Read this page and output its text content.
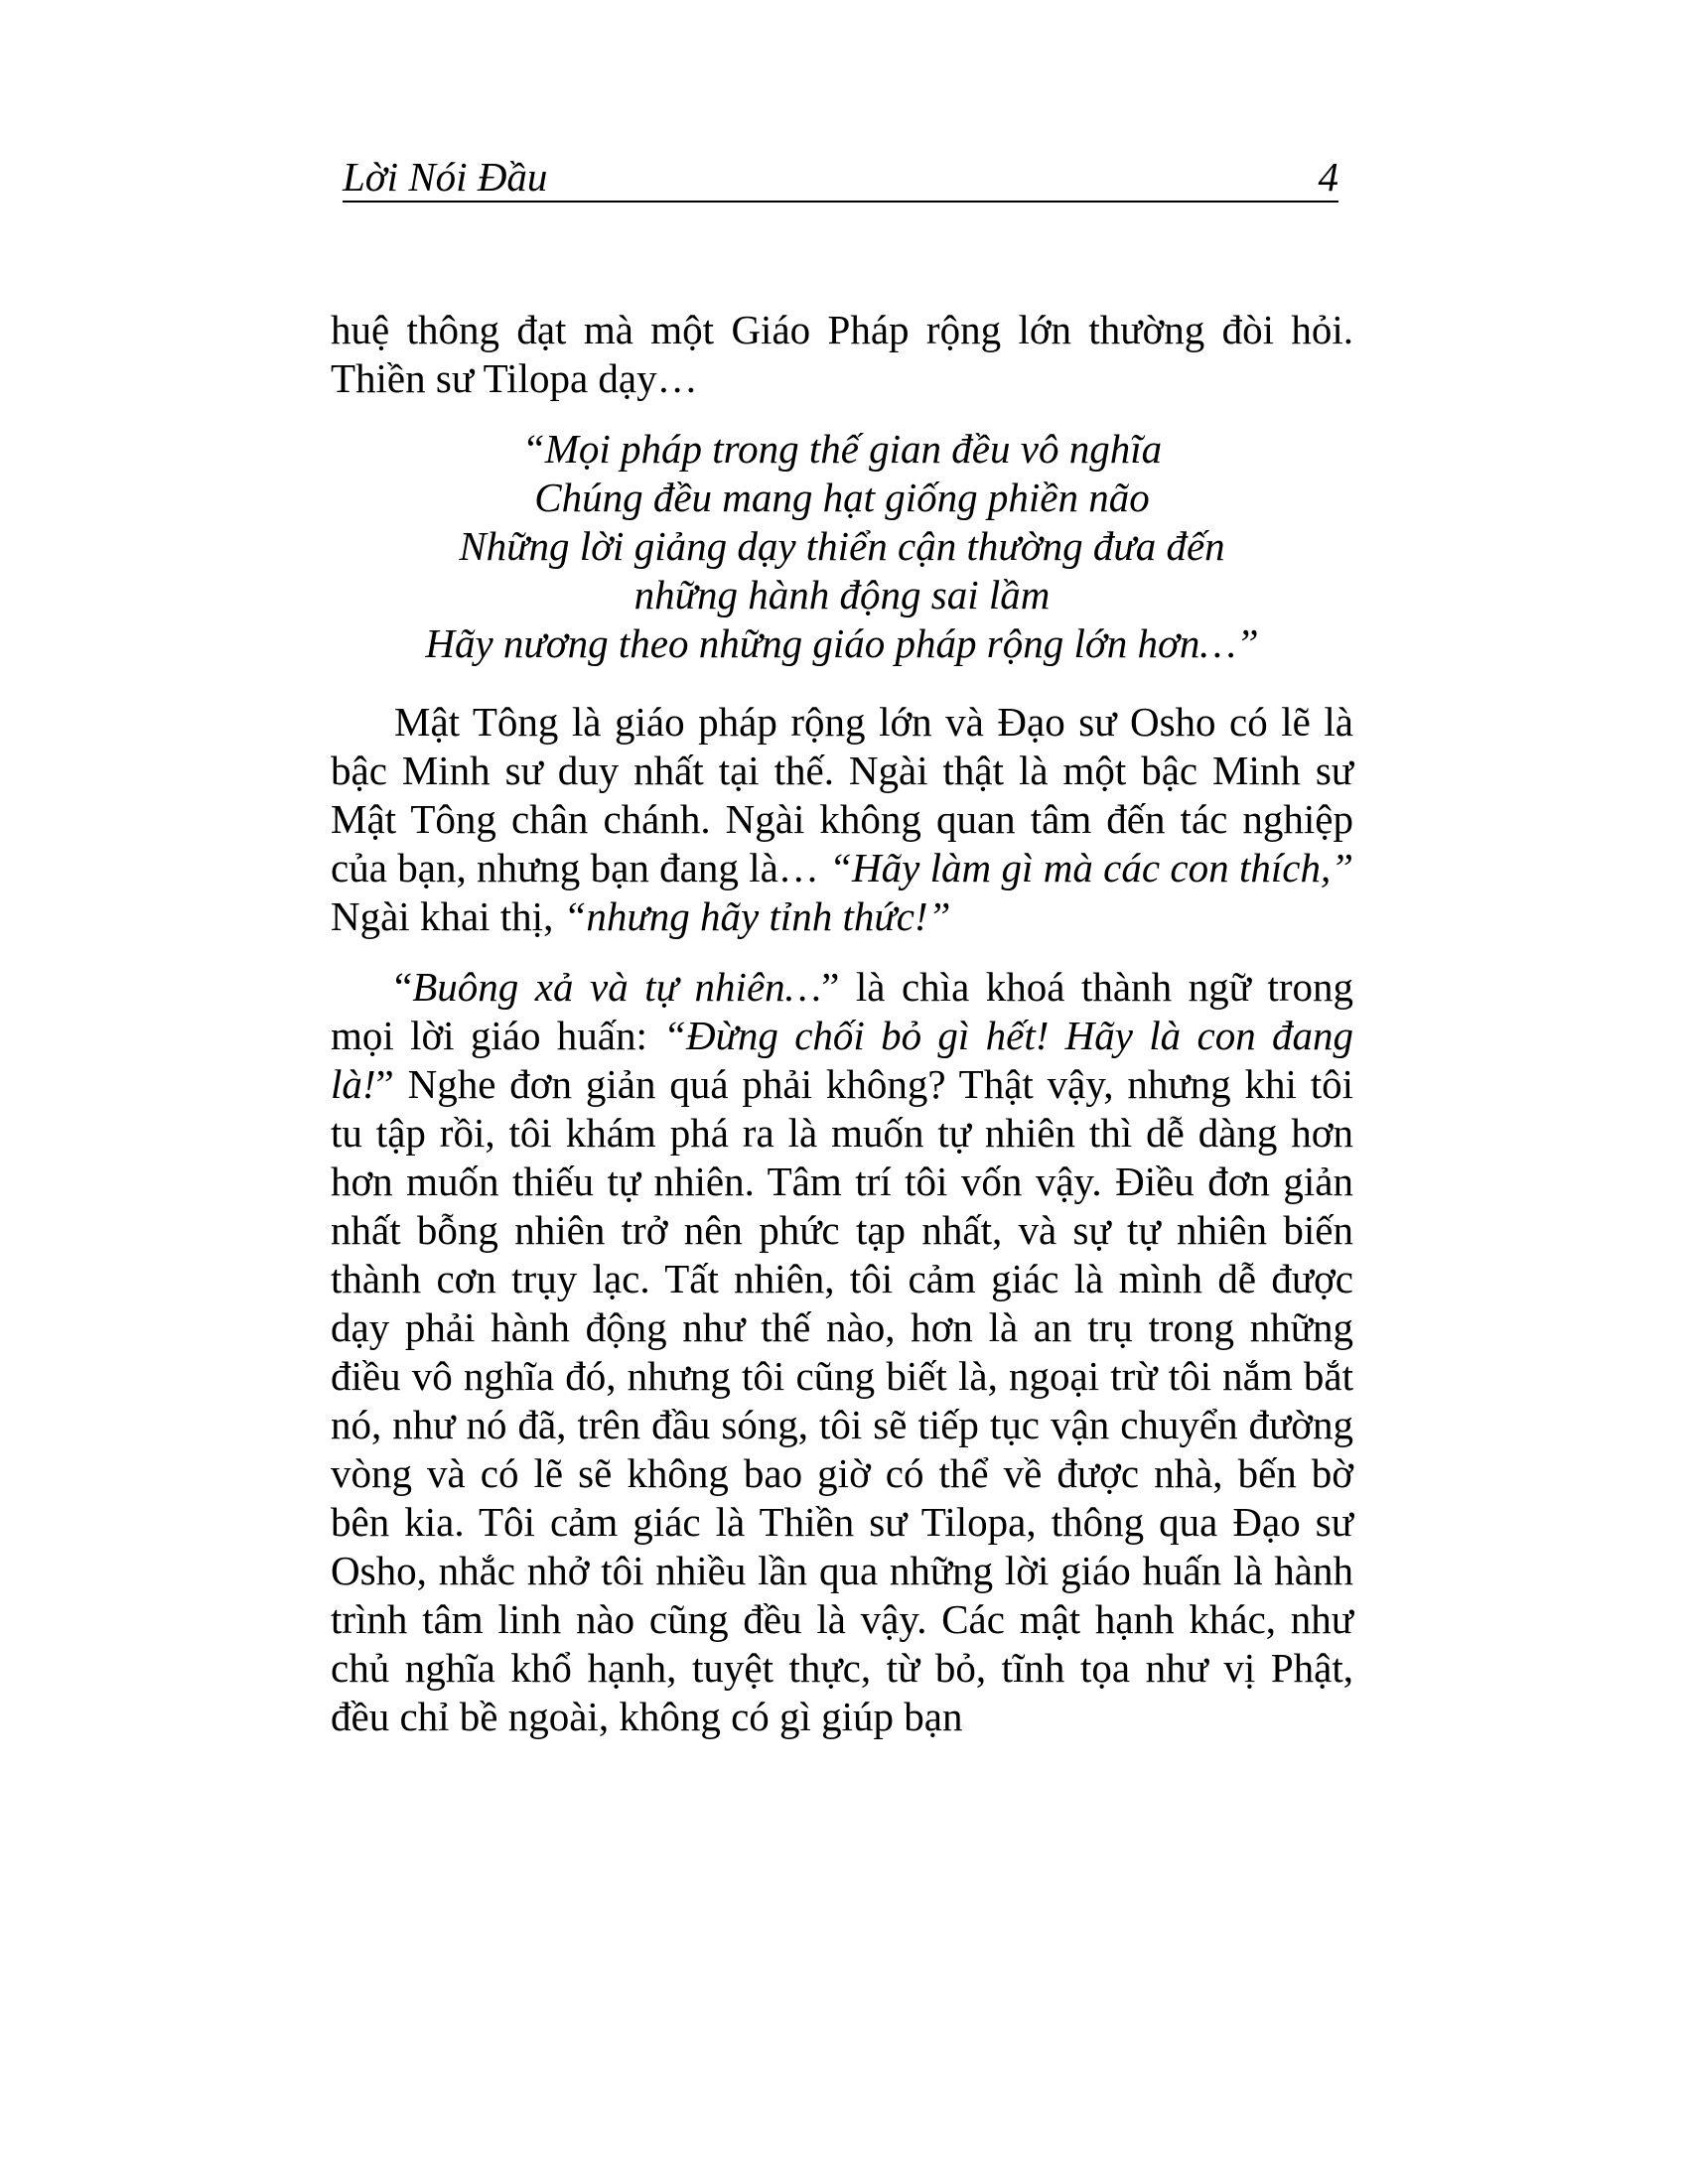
Lời Nói Đầu	4

huệ thông đạt mà một Giáo Pháp rộng lớn thường đòi hỏi. Thiền sư Tilopa dạy…

“Mọi pháp trong thế gian đều vô nghĩa
Chúng đều mang hạt giống phiền não
Những lời giảng dạy thiển cận thường đưa đến
những hành động sai lầm
Hãy nương theo những giáo pháp rộng lớn hơn…”

Mật Tông là giáo pháp rộng lớn và Đạo sư Osho có lẽ là bậc Minh sư duy nhất tại thế. Ngài thật là một bậc Minh sư Mật Tông chân chánh. Ngài không quan tâm đến tác nghiệp của bạn, nhưng bạn đang là… “Hãy làm gì mà các con thích,” Ngài khai thị, “nhưng hãy tỉnh thức!”

“Buông xả và tự nhiên…” là chìa khoá thành ngữ trong mọi lời giáo huấn: “Đừng chối bỏ gì hết! Hãy là con đang là!” Nghe đơn giản quá phải không? Thật vậy, nhưng khi tôi tu tập rồi, tôi khám phá ra là muốn tự nhiên thì dễ dàng hơn hơn muốn thiếu tự nhiên. Tâm trí tôi vốn vậy. Điều đơn giản nhất bỗng nhiên trở nên phức tạp nhất, và sự tự nhiên biến thành cơn trụy lạc. Tất nhiên, tôi cảm giác là mình dễ được dạy phải hành động như thế nào, hơn là an trụ trong những điều vô nghĩa đó, nhưng tôi cũng biết là, ngoại trừ tôi nắm bắt nó, như nó đã, trên đầu sóng, tôi sẽ tiếp tục vận chuyển đường vòng và có lẽ sẽ không bao giờ có thể về được nhà, bến bờ bên kia. Tôi cảm giác là Thiền sư Tilopa, thông qua Đạo sư Osho, nhắc nhở tôi nhiều lần qua những lời giáo huấn là hành trình tâm linh nào cũng đều là vậy. Các mật hạnh khác, như chủ nghĩa khổ hạnh, tuyệt thực, từ bỏ, tĩnh tọa như vị Phật, đều chỉ bề ngoài, không có gì giúp bạn
